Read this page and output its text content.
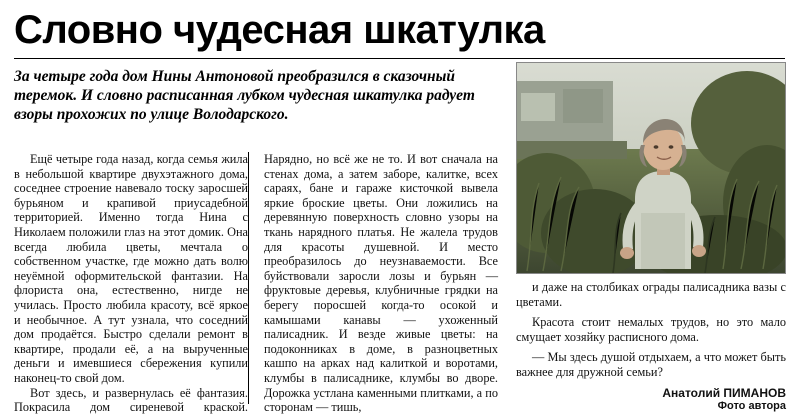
Словно чудесная шкатулка

За четыре года дом Нины Антоновой преобразился в сказочный теремок. И словно расписанная лубком чудесная шкатулка радует взоры прохожих по улице Володарского.

Ещё четыре года назад, когда семья жила в небольшой квартире двухэтажного дома, соседнее строение навевало тоску заросшей бурьяном и крапивой приусадебной территорией. Именно тогда Нина с Николаем положили глаз на этот домик. Она всегда любила цветы, мечтала о собственном участке, где можно дать волю неуёмной оформительской фантазии. На флориста она, естественно, нигде не училась. Просто любила красоту, всё яркое и необычное. А тут узнала, что соседний дом продаётся. Быстро сделали ремонт в квартире, продали её, а на вырученные деньги и имевшиеся сбережения купили наконец-то свой дом.

Вот здесь, и развернулась её фантазия. Покрасила дом сиреневой краской. Нарядно, но всё же не то. И вот сначала на стенах дома, а затем заборе, калитке, всех сараях, бане и гараже кисточкой вывела яркие броские цветы. Они ложились на деревянную поверхность словно узоры на ткань нарядного платья. Не жалела трудов для красоты душевной. И место преобразилось до неузнаваемости. Все буйствовали заросли лозы и бурьян — фруктовые деревья, клубничные грядки на берегу поросшей когда-то осокой и камышами канавы — ухоженный палисадник. И везде живые цветы: на подоконниках в доме, в разноцветных кашпо на арках над калиткой и воротами, клумбы в палисаднике, клумбы во дворе. Дорожка устлана каменными плитками, а по сторонам — тишь,

и даже на столбиках ограды палисадника вазы с цветами.

Красота стоит немалых трудов, но это мало смущает хозяйку расписного дома.

— Мы здесь душой отдыхаем, а что может быть важнее для дружной семьи?

Анатолий ПИМАНОВ
Фото автора
